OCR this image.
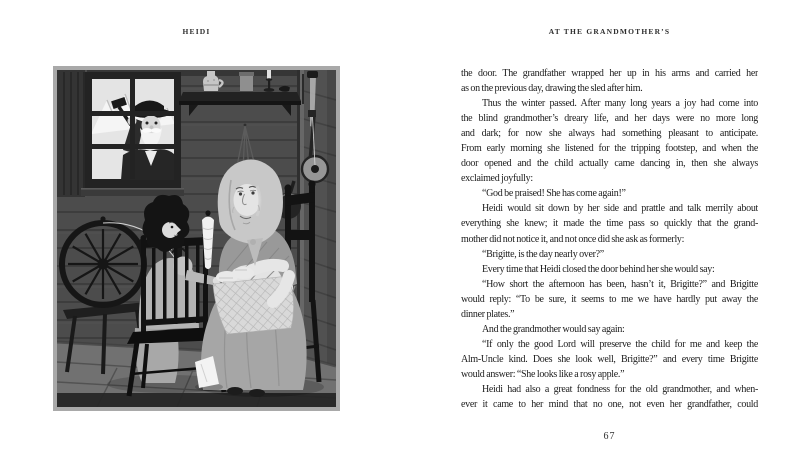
HEIDI	AT THE GRANDMOTHER’S
the door. The grandfather wrapped her up in his arms and carried her
as on the previous day, drawing the sled after him.
Thus the winter passed. After many long years a joy had come into
the blind grandmother’s dreary life, and her days were no more long
and dark; for now she always had something pleasant to anticipate.
From early morning she listened for the tripping footstep, and when the
door opened and the child actually came dancing in, then she always
exclaimed joyfully:
“God be praised! She has come again!”
Heidi would sit down by her side and prattle and talk merrily about
everything she knew; it made the time pass so quickly that the grand-
mother did not notice it, and not once did she ask as formerly:
“Brigitte, is the day nearly over?”
Every time that Heidi closed the door behind her she would say:
“How short the afternoon has been, hasn’t it, Brigitte?” and Brigitte
would reply: “To be sure, it seems to me we have hardly put away the
dinner plates.”
And the grandmother would say again:
“If only the good Lord will preserve the child for me and keep the
Alm-Uncle kind. Does she look well, Brigitte?” and every time Brigitte
would answer: “She looks like a rosy apple.”
Heidi had also a great fondness for the old grandmother, and when-
ever it came to her mind that no one, not even her grandfather, could
67
